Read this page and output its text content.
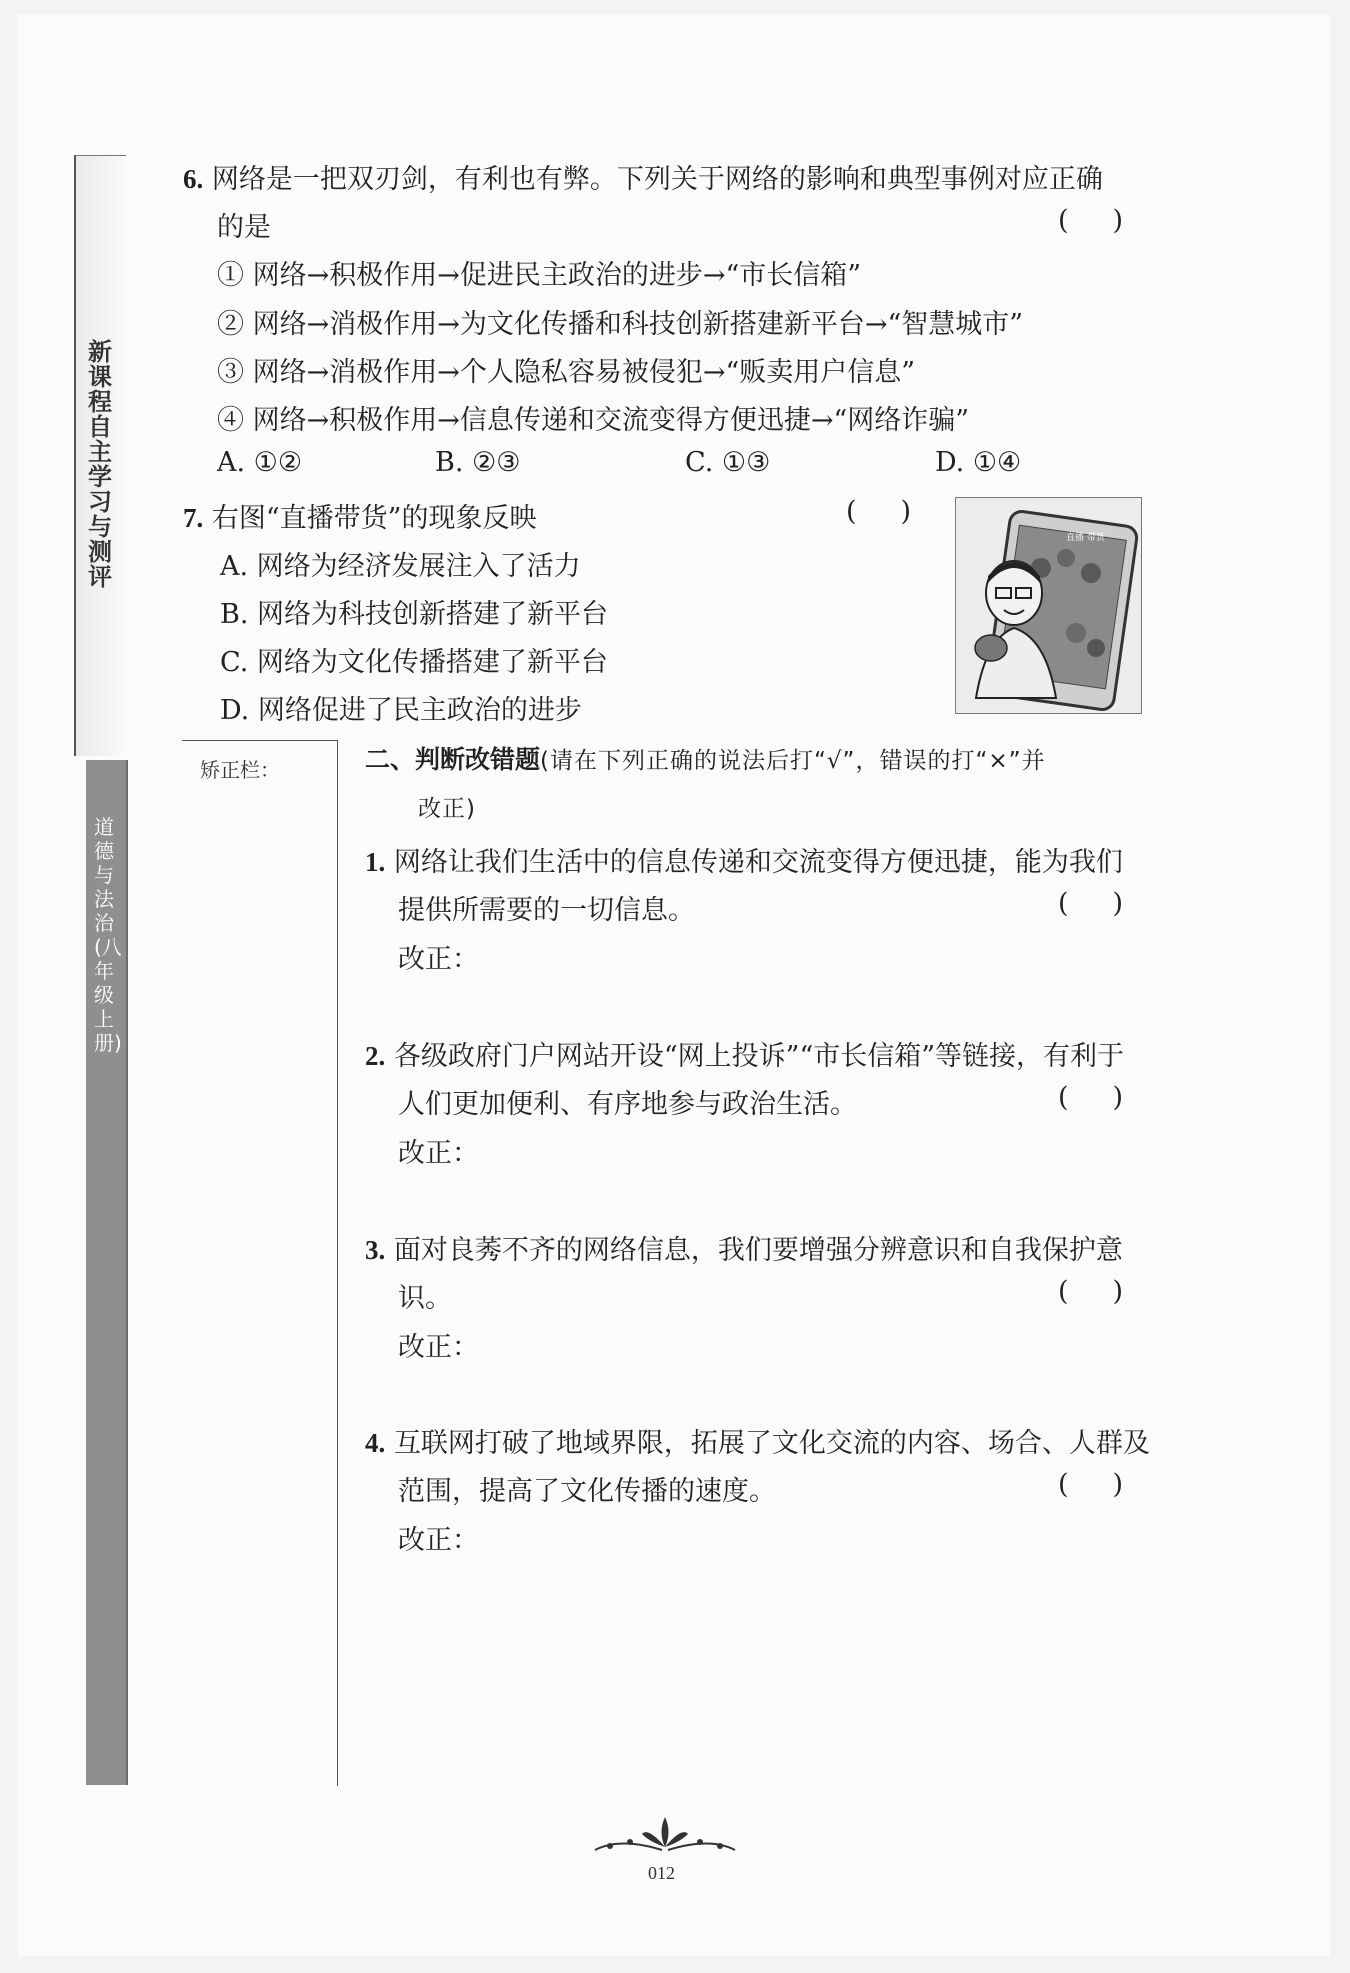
新课程自主学习与测评
道德与法治(八年级上册)
6. 网络是一把双刃剑，有利也有弊。下列关于网络的影响和典型事例对应正确
的是	()
① 网络→积极作用→促进民主政治的进步→“市长信箱”
② 网络→消极作用→为文化传播和科技创新搭建新平台→“智慧城市”
③ 网络→消极作用→个人隐私容易被侵犯→“贩卖用户信息”
④ 网络→积极作用→信息传递和交流变得方便迅捷→“网络诈骗”
A. ①②	B. ②③	C. ①③	D. ①④
7. 右图“直播带货”的现象反映	()
A. 网络为经济发展注入了活力
B. 网络为科技创新搭建了新平台
C. 网络为文化传播搭建了新平台
D. 网络促进了民主政治的进步
直播 带货
矫正栏：	二、判断改错题(请在下列正确的说法后打“√”，错误的打“×”并
改正)
1. 网络让我们生活中的信息传递和交流变得方便迅捷，能为我们
提供所需要的一切信息。	()
改正：
2. 各级政府门户网站开设“网上投诉”“市长信箱”等链接，有利于
人们更加便利、有序地参与政治生活。	()
改正：
3. 面对良莠不齐的网络信息，我们要增强分辨意识和自我保护意
识。	()
改正：
4. 互联网打破了地域界限，拓展了文化交流的内容、场合、人群及
范围，提高了文化传播的速度。	()
改正：
012
